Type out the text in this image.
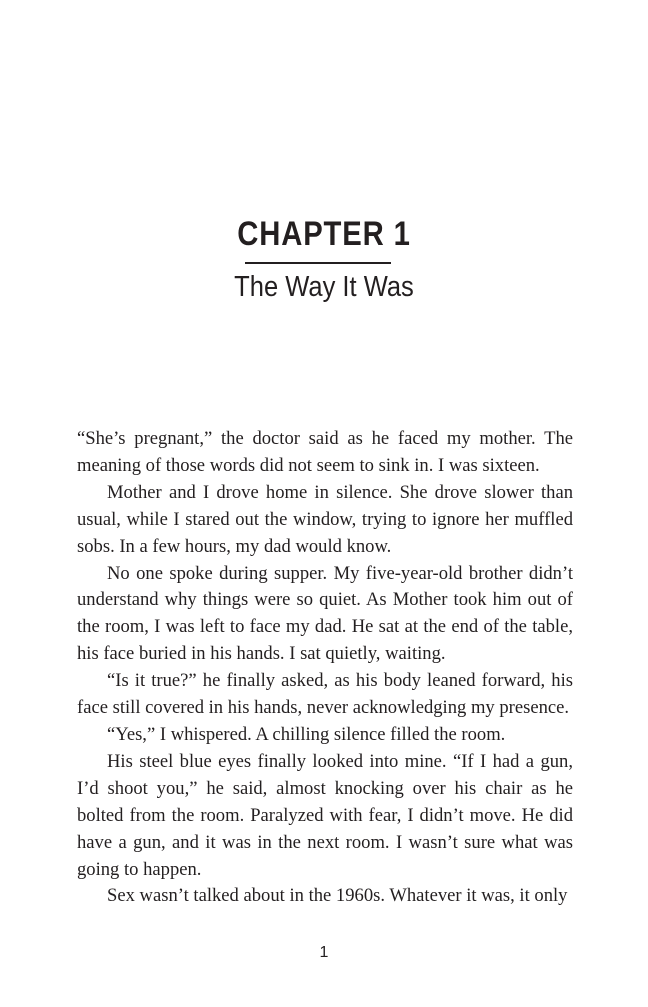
CHAPTER 1
The Way It Was

“She’s pregnant,” the doctor said as he faced my mother. The meaning of those words did not seem to sink in. I was sixteen.

Mother and I drove home in silence. She drove slower than usual, while I stared out the window, trying to ignore her muffled sobs. In a few hours, my dad would know.

No one spoke during supper. My five-year-old brother didn’t understand why things were so quiet. As Mother took him out of the room, I was left to face my dad. He sat at the end of the table, his face buried in his hands. I sat quietly, waiting.

“Is it true?” he finally asked, as his body leaned forward, his face still covered in his hands, never acknowledging my presence.

“Yes,” I whispered. A chilling silence filled the room.

His steel blue eyes finally looked into mine. “If I had a gun, I’d shoot you,” he said, almost knocking over his chair as he bolted from the room. Paralyzed with fear, I didn’t move. He did have a gun, and it was in the next room. I wasn’t sure what was going to happen.

Sex wasn’t talked about in the 1960s. Whatever it was, it only

1
